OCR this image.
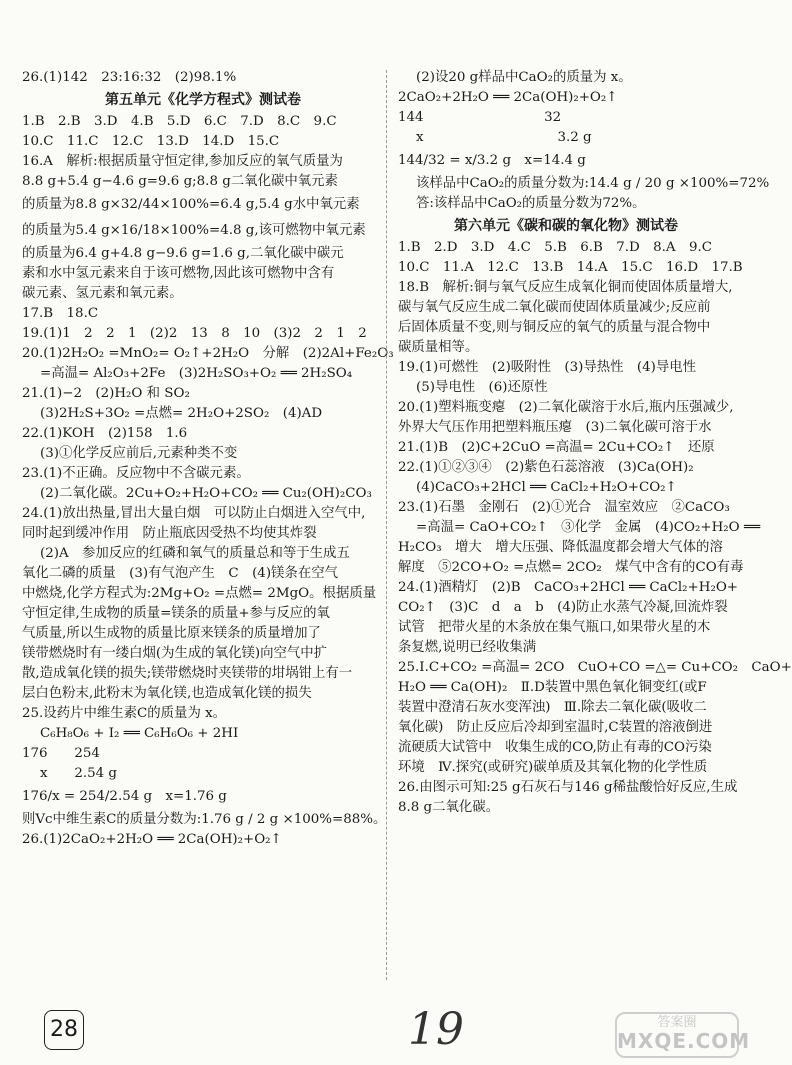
26.(1)142　23:16:32　(2)98.1%
第五单元《化学方程式》测试卷
1.B　2.B　3.D　4.B　5.D　6.C　7.D　8.C　9.C
10.C　11.C　12.C　13.D　14.D　15.C
16.A　解析:根据质量守恒定律,参加反应的氧气质量为
8.8 g+5.4 g−4.6 g=9.6 g;8.8 g二氧化碳中氧元素
的质量为8.8 g×32/44×100%=6.4 g,5.4 g水中氧元素
的质量为5.4 g×16/18×100%=4.8 g,该可燃物中氧元素
的质量为6.4 g+4.8 g−9.6 g=1.6 g,二氧化碳中碳元
素和水中氢元素来自于该可燃物,因此该可燃物中含有
碳元素、氢元素和氧元素。
17.B　18.C
19.(1)1　2　2　1　(2)2　13　8　10　(3)2　2　1　2
20.(1)2H₂O₂ =MnO₂= O₂↑+2H₂O　分解　(2)2Al+Fe₂O₃
=高温= Al₂O₃+2Fe　(3)2H₂SO₃+O₂ ══ 2H₂SO₄
21.(1)−2　(2)H₂O 和 SO₂
(3)2H₂S+3O₂ =点燃= 2H₂O+2SO₂　(4)AD
22.(1)KOH　(2)158　1.6
(3)①化学反应前后,元素种类不变
23.(1)不正确。反应物中不含碳元素。
(2)二氧化碳。2Cu+O₂+H₂O+CO₂ ══ Cu₂(OH)₂CO₃
24.(1)放出热量,冒出大量白烟　可以防止白烟进入空气中,
同时起到缓冲作用　防止瓶底因受热不均使其炸裂
(2)A　参加反应的红磷和氧气的质量总和等于生成五
氧化二磷的质量　(3)有气泡产生　C　(4)镁条在空气
中燃烧,化学方程式为:2Mg+O₂ =点燃= 2MgO。根据质量
守恒定律,生成物的质量=镁条的质量+参与反应的氧
气质量,所以生成物的质量比原来镁条的质量增加了
镁带燃烧时有一缕白烟(为生成的氧化镁)向空气中扩
散,造成氧化镁的损失;镁带燃烧时夹镁带的坩埚钳上有一
层白色粉末,此粉末为氧化镁,也造成氧化镁的损失
25.设药片中维生素C的质量为 x。
C₆H₈O₆ + I₂ ══ C₆H₆O₆ + 2HI
176　　254
x　　2.54 g
176/x = 254/2.54 g　x=1.76 g
则Vc中维生素C的质量分数为:1.76 g / 2 g ×100%=88%。
26.(1)2CaO₂+2H₂O ══ 2Ca(OH)₂+O₂↑
(2)设20 g样品中CaO₂的质量为 x。
2CaO₂+2H₂O ══ 2Ca(OH)₂+O₂↑
144　　　　　　　　　32
x　　　　　　　　　　3.2 g
144/32 = x/3.2 g　x=14.4 g
该样品中CaO₂的质量分数为:14.4 g / 20 g ×100%=72%
答:该样品中CaO₂的质量分数为72%。
第六单元《碳和碳的氧化物》测试卷
1.B　2.D　3.D　4.C　5.B　6.B　7.D　8.A　9.C
10.C　11.A　12.C　13.B　14.A　15.C　16.D　17.B
18.B　解析:铜与氧气反应生成氧化铜而使固体质量增大,
碳与氧气反应生成二氧化碳而使固体质量减少;反应前
后固体质量不变,则与铜反应的氧气的质量与混合物中
碳质量相等。
19.(1)可燃性　(2)吸附性　(3)导热性　(4)导电性
(5)导电性　(6)还原性
20.(1)塑料瓶变瘪　(2)二氧化碳溶于水后,瓶内压强减少,
外界大气压作用把塑料瓶压瘪　(3)二氧化碳可溶于水
21.(1)B　(2)C+2CuO =高温= 2Cu+CO₂↑　还原
22.(1)①②③④　(2)紫色石蕊溶液　(3)Ca(OH)₂
(4)CaCO₃+2HCl ══ CaCl₂+H₂O+CO₂↑
23.(1)石墨　金刚石　(2)①光合　温室效应　②CaCO₃
=高温= CaO+CO₂↑　③化学　金属　(4)CO₂+H₂O ══
H₂CO₃　增大　增大压强、降低温度都会增大气体的溶
解度　⑤2CO+O₂ =点燃= 2CO₂　煤气中含有的CO有毒
24.(1)酒精灯　(2)B　CaCO₃+2HCl ══ CaCl₂+H₂O+
CO₂↑　(3)C　d　a　b　(4)防止水蒸气冷凝,回流炸裂
试管　把带火星的木条放在集气瓶口,如果带火星的木
条复燃,说明已经收集满
25.Ⅰ.C+CO₂ =高温= 2CO　CuO+CO =△= Cu+CO₂　CaO+
H₂O ══ Ca(OH)₂　Ⅱ.D装置中黑色氧化铜变红(或F
装置中澄清石灰水变浑浊)　Ⅲ.除去二氧化碳(吸收二
氧化碳)　防止反应后冷却到室温时,C装置的溶液倒进
流硬质大试管中　收集生成的CO,防止有毒的CO污染
环境　Ⅳ.探究(或研究)碳单质及其氧化物的化学性质
26.由图示可知:25 g石灰石与146 g稀盐酸恰好反应,生成
8.8 g二氧化碳。
28	19	答案圈
MXQE.COM
